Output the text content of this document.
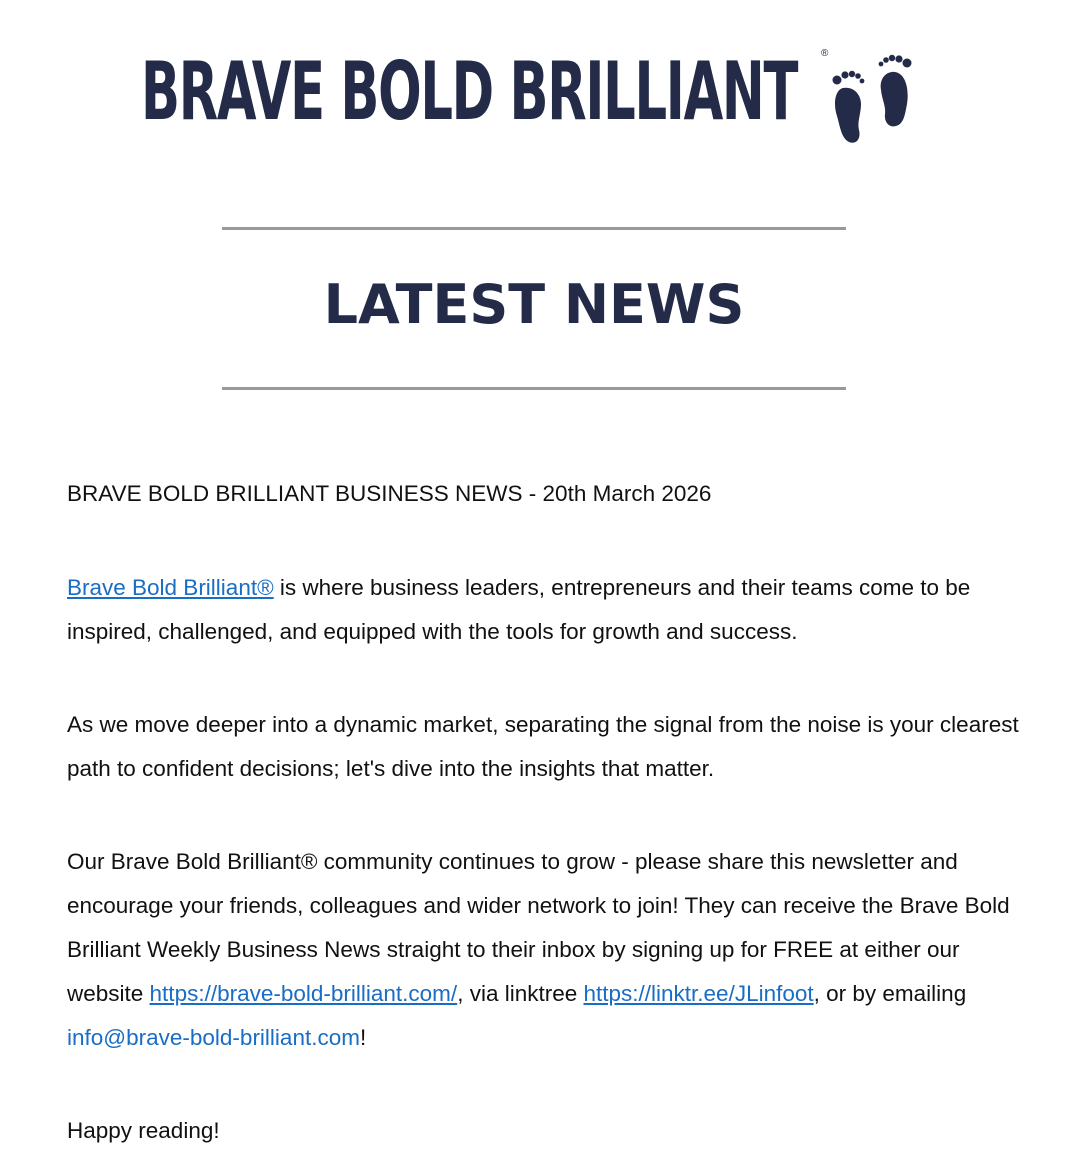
BRAVE BOLD BRILLIANT ®
LATEST NEWS

BRAVE BOLD BRILLIANT BUSINESS NEWS - 20th March 2026

Brave Bold Brilliant® is where business leaders, entrepreneurs and their teams come to be inspired, challenged, and equipped with the tools for growth and success.

As we move deeper into a dynamic market, separating the signal from the noise is your clearest path to confident decisions; let's dive into the insights that matter.

Our Brave Bold Brilliant® community continues to grow - please share this newsletter and encourage your friends, colleagues and wider network to join! They can receive the Brave Bold Brilliant Weekly Business News straight to their inbox by signing up for FREE at either our website https://brave-bold-brilliant.com/, via linktree https://linktr.ee/JLinfoot, or by emailing info@brave-bold-brilliant.com!

Happy reading!
